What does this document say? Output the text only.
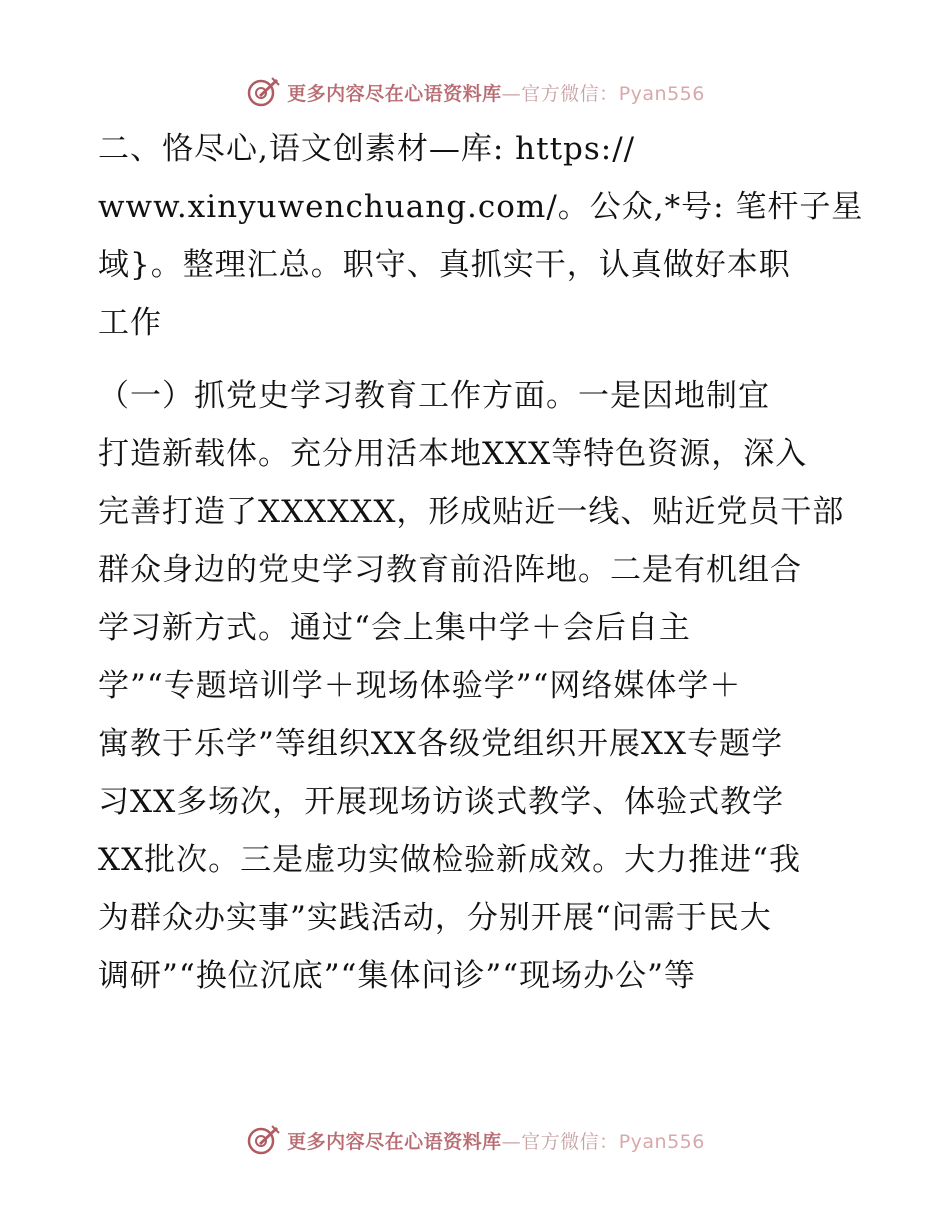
更多内容尽在心语资料库—官方微信：Pyan556
二、恪尽心,语文创素材—库: https://
www.xinyuwenchuang.com/。公众,*号: 笔杆子星
域}。整理汇总。职守、真抓实干，认真做好本职
工作
（一）抓党史学习教育工作方面。一是因地制宜
打造新载体。充分用活本地XXX等特色资源，深入
完善打造了XXXXXX，形成贴近一线、贴近党员干部
群众身边的党史学习教育前沿阵地。二是有机组合
学习新方式。通过“会上集中学＋会后自主
学”“专题培训学＋现场体验学”“网络媒体学＋
寓教于乐学”等组织XX各级党组织开展XX专题学
习XX多场次，开展现场访谈式教学、体验式教学
XX批次。三是虚功实做检验新成效。大力推进“我
为群众办实事”实践活动，分别开展“问需于民大
调研”“换位沉底”“集体问诊”“现场办公”等
更多内容尽在心语资料库—官方微信：Pyan556
